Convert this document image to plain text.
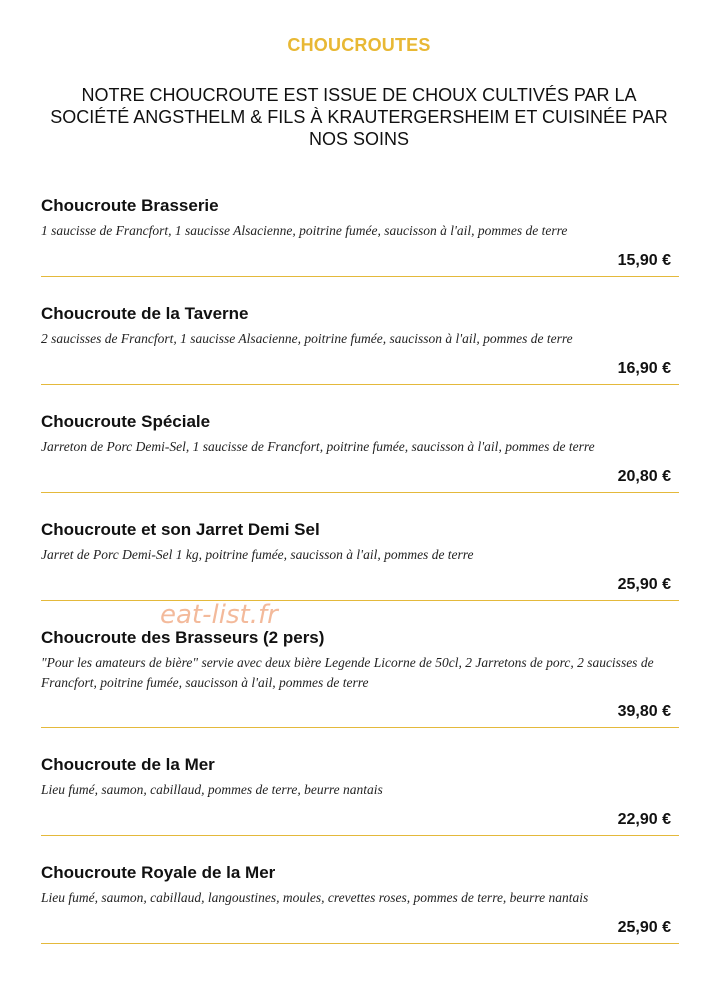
CHOUCROUTES
NOTRE CHOUCROUTE EST ISSUE DE CHOUX CULTIVÉS PAR LA SOCIÉTÉ ANGSTHELM & FILS À KRAUTERGERSHEIM ET CUISINÉE PAR NOS SOINS
Choucroute Brasserie
1 saucisse de Francfort, 1 saucisse Alsacienne, poitrine fumée, saucisson à l'ail, pommes de terre
15,90 €
Choucroute de la Taverne
2 saucisses de Francfort, 1 saucisse Alsacienne, poitrine fumée, saucisson à l'ail, pommes de terre
16,90 €
Choucroute Spéciale
Jarreton de Porc Demi-Sel, 1 saucisse de Francfort, poitrine fumée, saucisson à l'ail, pommes de terre
20,80 €
Choucroute et son Jarret Demi Sel
Jarret de Porc Demi-Sel 1 kg, poitrine fumée, saucisson à l'ail, pommes de terre
25,90 €
Choucroute des Brasseurs (2 pers)
"Pour les amateurs de bière" servie avec deux bière Legende Licorne de 50cl, 2 Jarretons de porc, 2 saucisses de Francfort, poitrine fumée, saucisson à l'ail, pommes de terre
39,80 €
Choucroute de la Mer
Lieu fumé, saumon, cabillaud, pommes de terre, beurre nantais
22,90 €
Choucroute Royale de la Mer
Lieu fumé, saumon, cabillaud, langoustines, moules, crevettes roses, pommes de terre, beurre nantais
25,90 €
eat-list.fr
